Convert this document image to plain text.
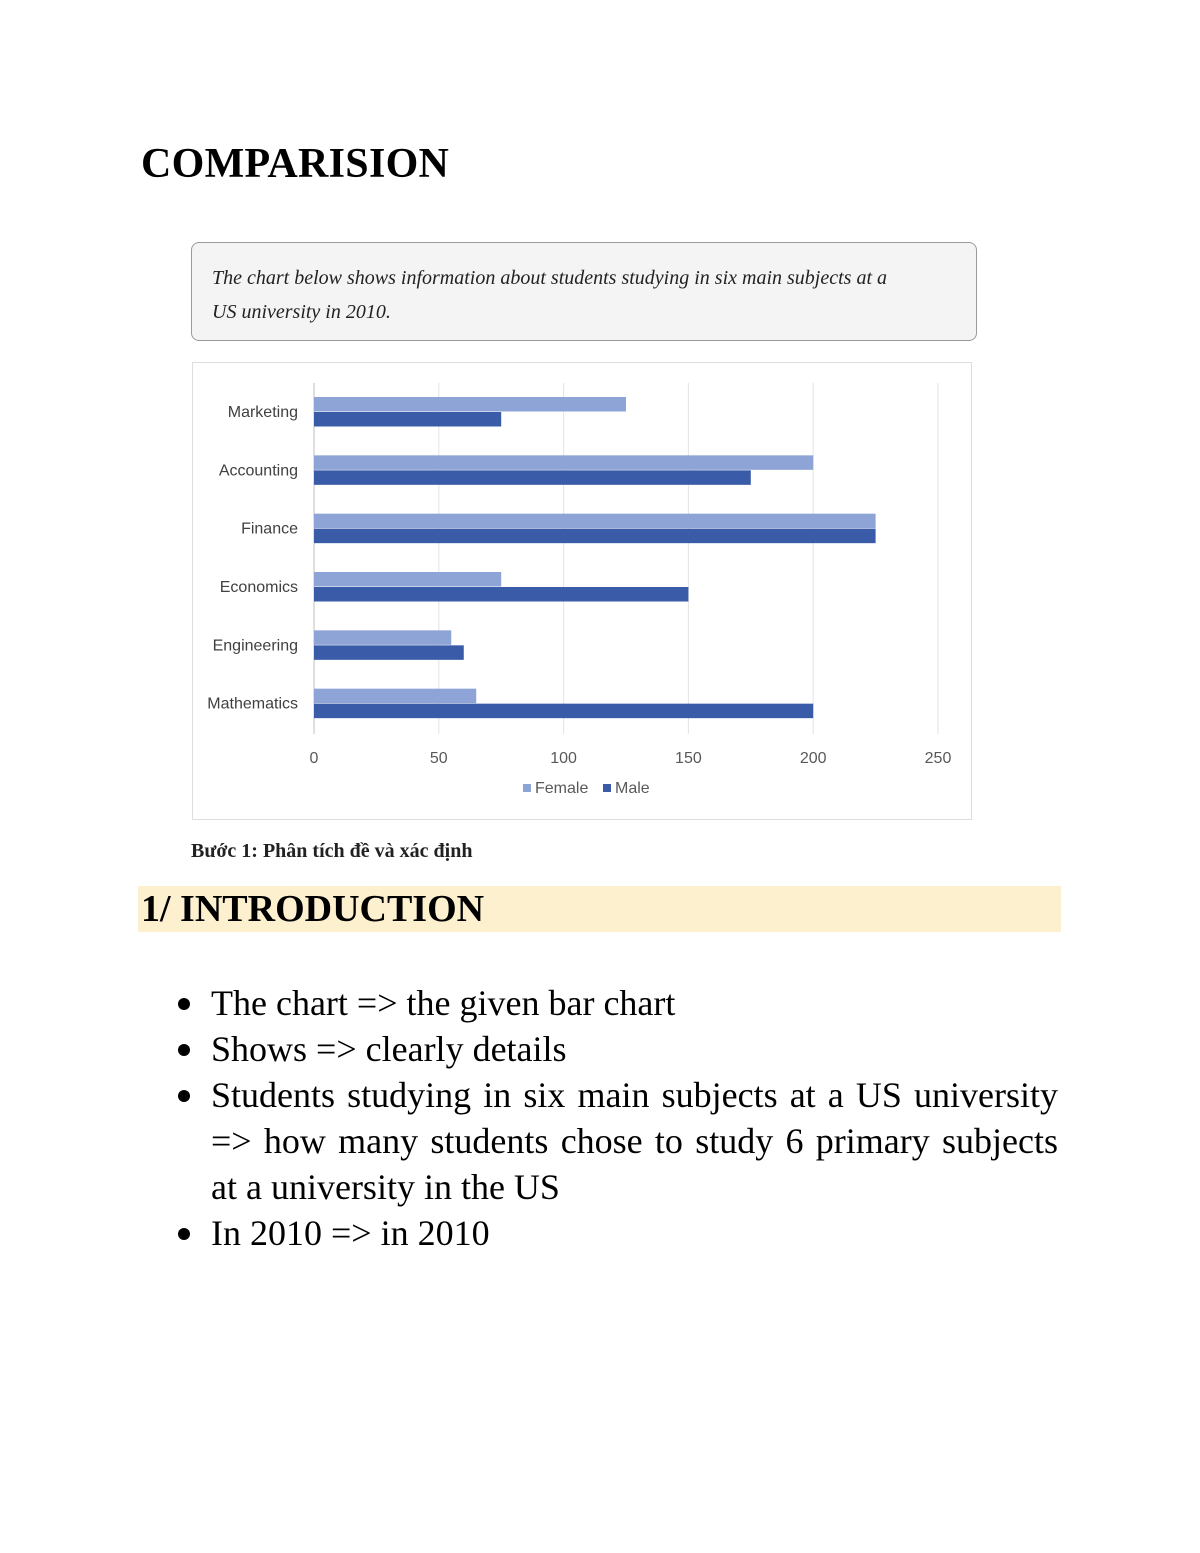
COMPARISION

The chart below shows information about students studying in six main subjects at a

US university in 2010.

0	50	100	150	200	250
Marketing
Accounting
Finance
Economics
Engineering
Mathematics
Female Male
Bước 1: Phân tích đề và xác định
1/ INTRODUCTION
The chart => the given bar chart
Shows => clearly details
Students studying in six main subjects at a US university => how many students chose to study 6 primary subjects at a university in the US
In 2010 => in 2010
